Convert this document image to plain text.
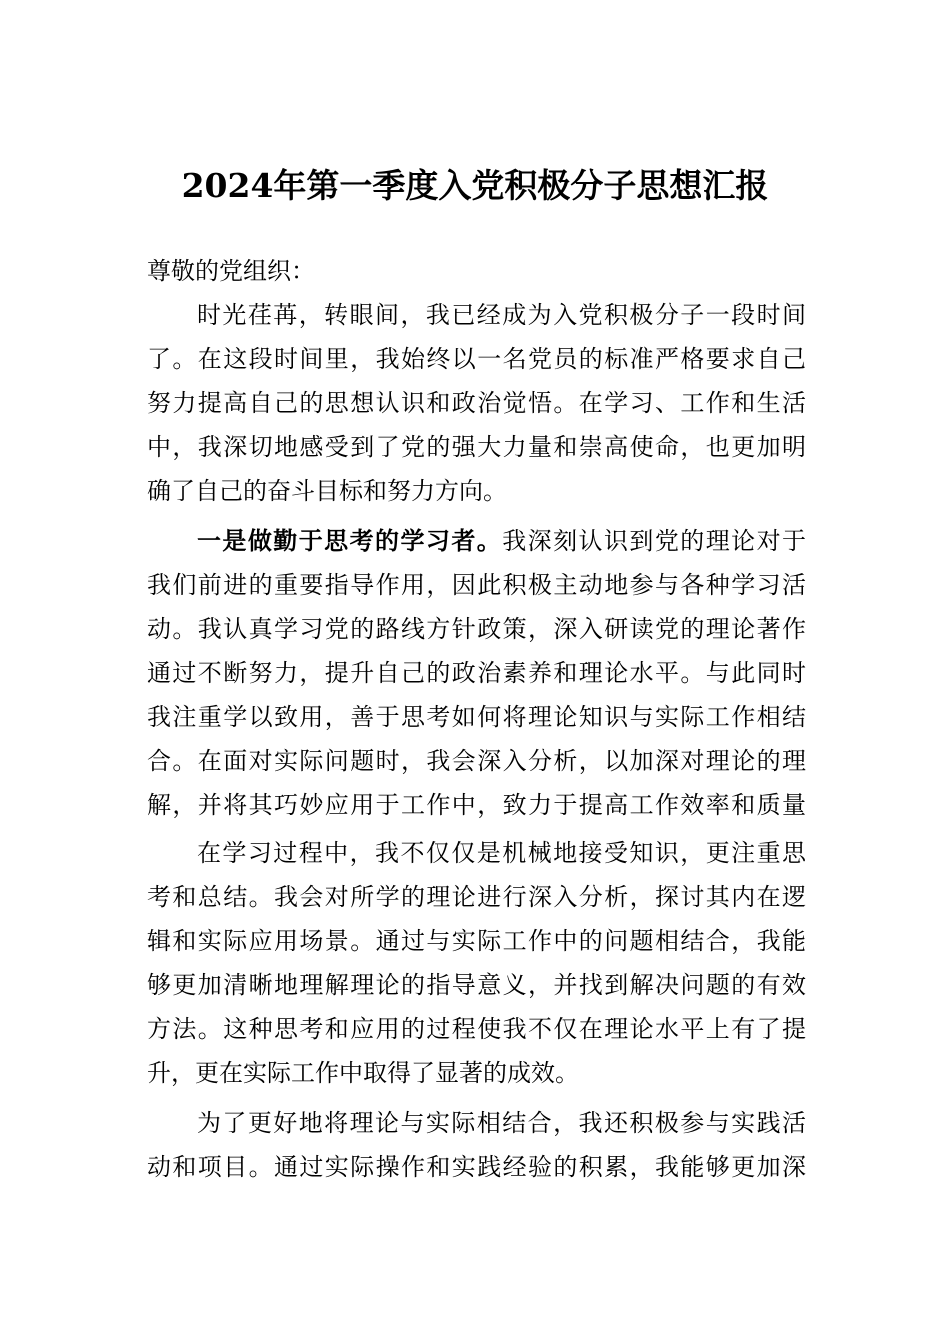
2024年第一季度入党积极分子思想汇报
尊敬的党组织：
时光荏苒，转眼间，我已经成为入党积极分子一段时间
了。在这段时间里，我始终以一名党员的标准严格要求自己
努力提高自己的思想认识和政治觉悟。在学习、工作和生活
中，我深切地感受到了党的强大力量和崇高使命，也更加明
确了自己的奋斗目标和努力方向。
一是做勤于思考的学习者。我深刻认识到党的理论对于
我们前进的重要指导作用，因此积极主动地参与各种学习活
动。我认真学习党的路线方针政策，深入研读党的理论著作
通过不断努力，提升自己的政治素养和理论水平。与此同时
我注重学以致用，善于思考如何将理论知识与实际工作相结
合。在面对实际问题时，我会深入分析，以加深对理论的理
解，并将其巧妙应用于工作中，致力于提高工作效率和质量
在学习过程中，我不仅仅是机械地接受知识，更注重思
考和总结。我会对所学的理论进行深入分析，探讨其内在逻
辑和实际应用场景。通过与实际工作中的问题相结合，我能
够更加清晰地理解理论的指导意义，并找到解决问题的有效
方法。这种思考和应用的过程使我不仅在理论水平上有了提
升，更在实际工作中取得了显著的成效。
为了更好地将理论与实际相结合，我还积极参与实践活
动和项目。通过实际操作和实践经验的积累，我能够更加深
